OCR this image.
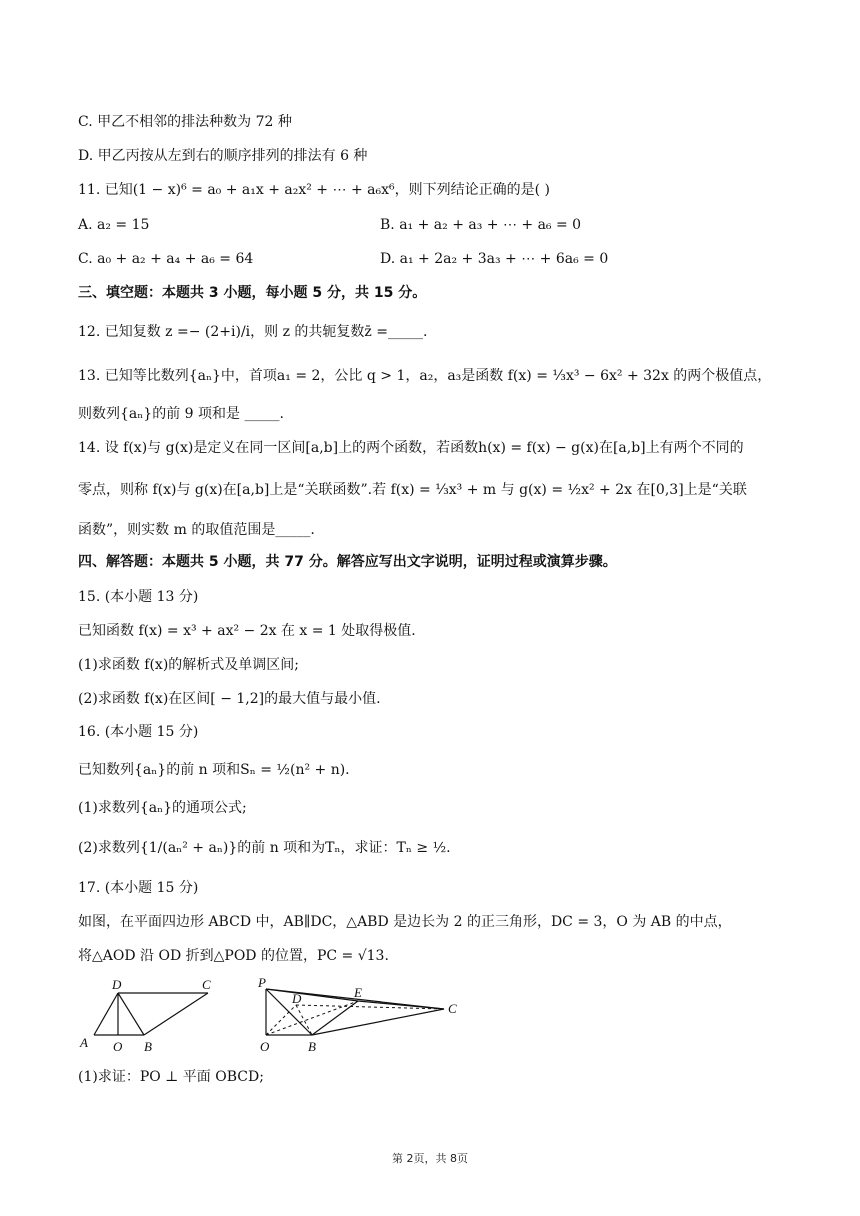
C. 甲乙不相邻的排法种数为 72 种
D. 甲乙丙按从左到右的顺序排列的排法有 6 种
11. 已知(1 − x)⁶ = a₀ + a₁x + a₂x² + ⋯ + a₆x⁶，则下列结论正确的是( )
A. a₂ = 15	B. a₁ + a₂ + a₃ + ⋯ + a₆ = 0
C. a₀ + a₂ + a₄ + a₆ = 64	D. a₁ + 2a₂ + 3a₃ + ⋯ + 6a₆ = 0
三、填空题：本题共 3 小题，每小题 5 分，共 15 分。
12. 已知复数 z =− (2+i)/i，则 z 的共轭复数z̄ =_____.
13. 已知等比数列{aₙ}中，首项a₁ = 2，公比 q > 1，a₂，a₃是函数 f(x) = ⅓x³ − 6x² + 32x 的两个极值点，
则数列{aₙ}的前 9 项和是 _____.
14. 设 f(x)与 g(x)是定义在同一区间[a,b]上的两个函数，若函数h(x) = f(x) − g(x)在[a,b]上有两个不同的
零点，则称 f(x)与 g(x)在[a,b]上是“关联函数”.若 f(x) = ⅓x³ + m 与 g(x) = ½x² + 2x 在[0,3]上是“关联
函数”，则实数 m 的取值范围是_____.
四、解答题：本题共 5 小题，共 77 分。解答应写出文字说明，证明过程或演算步骤。
15. (本小题 13 分)
已知函数 f(x) = x³ + ax² − 2x 在 x = 1 处取得极值.
(1)求函数 f(x)的解析式及单调区间;
(2)求函数 f(x)在区间[ − 1,2]的最大值与最小值.
16. (本小题 15 分)
已知数列{aₙ}的前 n 项和Sₙ = ½(n² + n).
(1)求数列{aₙ}的通项公式;
(2)求数列{1/(aₙ² + aₙ)}的前 n 项和为Tₙ，求证：Tₙ ≥ ½.
17. (本小题 15 分)
如图，在平面四边形 ABCD 中，AB∥DC，△ABD 是边长为 2 的正三角形，DC = 3，O 为 AB 的中点，
将△AOD 沿 OD 折到△POD 的位置，PC = √13.
D	C
A O B
P
D	E
C
O	B
(1)求证：PO ⊥ 平面 OBCD;
第 2页，共 8页
